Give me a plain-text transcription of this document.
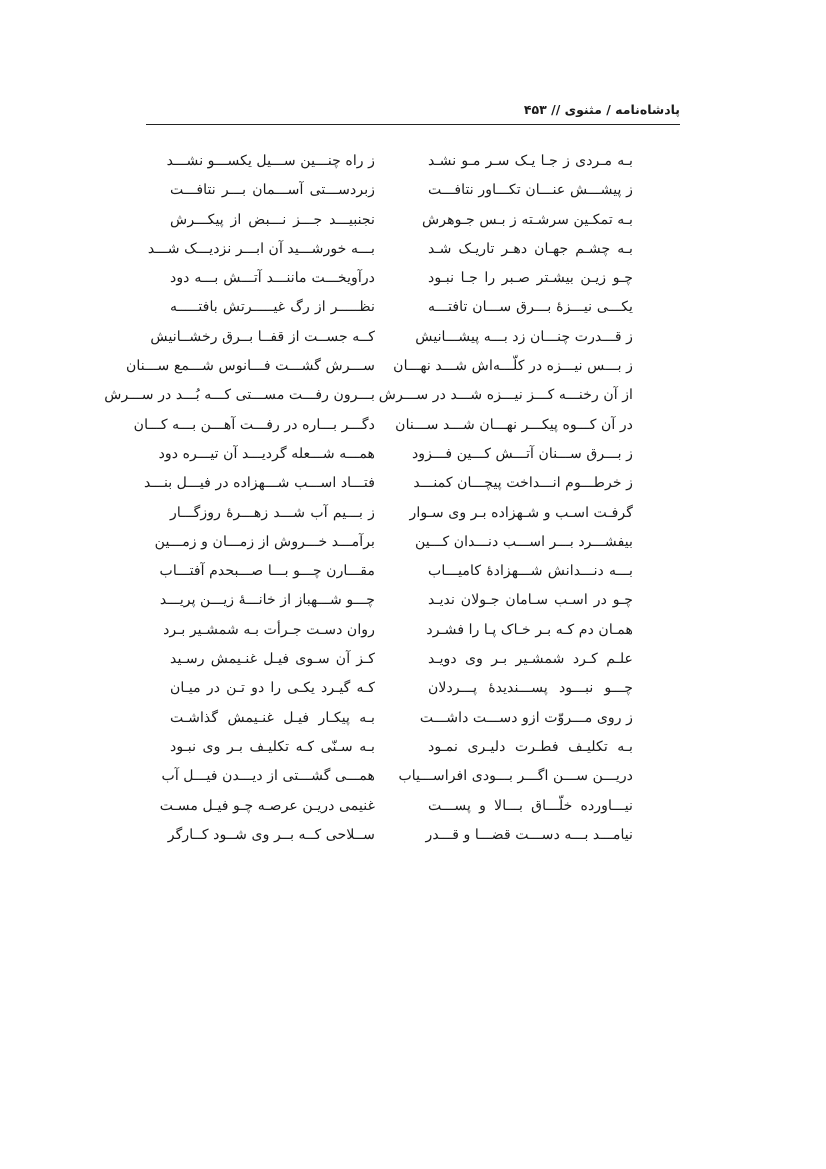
پادشاه‌نامه / مثنوی // ۴۵۳
بـه مـردی ز جـا یـک سـر مـو نشـد
ز راه چنـــین ســـیل یکســـو نشـــد
ز پیشـــش عنـــان تکـــاور نتافـــت
زبردســـتی آســـمان بـــر نتافـــت
بـه تمکـین سرشـته ز بـس جـوهرش
نجنبیـــد جـــز نـــبض از پیکـــرش
بـه چشـم جهـان دهـر تاریـک شـد
بـــه خورشـــید آن ابـــر نزدیـــک شـــد
چـو زیـن بیشـتر صـبر را جـا نبـود
درآویخـــت ماننـــد آتـــش بـــه دود
یکـــی نیـــزهٔ بـــرق ســـان تافتـــه
نظـــــر از رگ غیـــــرتش بافتـــــه
ز قـــدرت چنـــان زد بـــه پیشـــانیش
کــه جســت از قفــا بــرق رخشــانیش
ز بـــس نیـــزه در کلّـــه‌اش شـــد نهـــان
ســـرش گشـــت فـــانوس شـــمع ســـنان
از آن رخنـــه کـــز نیـــزه شـــد در ســـرش
بـــرون رفـــت مســـتی کـــه بُـــد در ســـرش
در آن کـــوه پیکـــر نهـــان شـــد ســـنان
دگـــر بـــاره در رفـــت آهـــن بـــه کـــان
ز بـــرق ســـنان آتـــش کـــین فـــزود
همـــه شـــعله گردیـــد آن تیـــره دود
ز خرطـــوم انـــداخت پیچـــان کمنـــد
فتـــاد اســـب شـــهزاده در فیـــل بنـــد
گرفـت اسـب و شـهزاده بـر وی سـوار
ز بـــیم آب شـــد زهـــرهٔ روزگـــار
بیفشـــرد بـــر اســـب دنـــدان کـــین
برآمـــد خـــروش از زمـــان و زمـــین
بـــه دنـــدانش شـــهزادهٔ کامیـــاب
مقـــارن چـــو بـــا صـــبحدم آفتـــاب
چـو در اسـب سـامان جـولان ندیـد
چـــو شـــهباز از خانـــهٔ زیـــن پریـــد
همـان دم کـه بـر خـاک پـا را فشـرد
روان دسـت جـرأت بـه شمشـیر بـرد
علـم کـرد شمشـیر بـر وی دویـد
کـز آن سـوی فیـل غنـیمش رسـید
چـــو نبـــود پســـندیدهٔ پـــردلان
کـه گیـرد یکـی را دو تـن در میـان
ز روی مـــروّت ازو دســـت داشـــت
بـه پیکـار فیـل غنـیمش گذاشـت
بـه تکلیـف فطـرت دلیـری نمـود
بـه سـنّی کـه تکلیـف بـر وی نبـود
دریـــن ســـن اگـــر بـــودی افراســـیاب
همـــی گشـــتی از دیـــدن فیـــل آب
نیـــاورده خلّـــاق بـــالا و پســـت
غنیمی دریـن عرصـه چـو فیـل مسـت
نیامـــد بـــه دســـت قضـــا و قـــدر
ســلاحی کــه بــر وی شــود کــارگر
